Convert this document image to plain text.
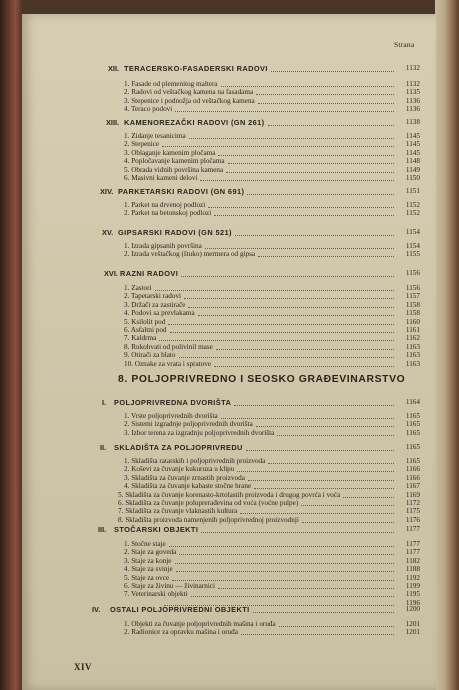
Strana
8. POLJOPRIVREDNO I SEOSKO GRAĐEVINARSTVO
XIV
XII. TERACERSKO-FASADERSKI RADOVI	1132
1. Fasade od plemenitog maltera	1132
2. Radovi od veštačkog kamena na fasadama	1135
3. Stepenice i podnožja od veštačkog kamena	1136
4. Teraco podovi	1136
XIII. KAMENOREZAČKI RADOVI (GN 261)	1138
1. Zidanje tesanicima	1145
2. Stepenice	1145
3. Oblaganje kamenim pločama	1145
4. Popločavanje kamenim pločama	1148
5. Obrada vidnih površina kamena	1149
6. Masivni kameni delovi	1150
XIV. PARKETARSKI RADOVI (GN 691)	1151
1. Parket na drvenoj podlozi	1152
2. Parket na betonskoj podlozi	1152
XV. GIPSARSKI RADOVI (GN 521)	1154
1. Izrada gipsanih površina	1154
2. Izrada veštačkog (štuko) mermera od gipsa	1155
XVI. RAZNI RADOVI	1156
1. Zastori	1156
2. Tapetarski radovi	1157
3. Držači za zastirače	1158
4. Podovi sa prevlakama	1158
5. Ksilolit pod	1160
6. Asfaltni pod	1161
7. Kaldrma	1162
8. Rukohvati od polivinil mase	1163
9. Otirači za blato	1163
10. Oznake za vrata i spratove	1163
I. POLJOPRIVREDNA DVORIŠTA	1164
1. Vrste poljoprivrednih dvorišta	1165
2. Sistemi izgradnje poljoprivrednih dvorišta	1165
3. Izbor terena za izgradnju poljoprivrednih dvorišta	1165
II. SKLADIŠTA ZA POLJOPRIVREDU	1165
1. Skladišta ratarskih i poljoprivrednih proizvoda	1165
2. Koševi za čuvanje kukuruza u klipu	1166
3. Skladišta za čuvanje zrnastih proizvoda	1166
4. Skladišta za čuvanje kabaste stočne hrane	1167
5. Skladišta za čuvanje korenasto-krtolastih proizvoda i drugog povrća i voća	1169
6. Skladišta za čuvanje poluprerađevina od voća (voćne pulpe)	1172
7. Skladišta za čuvanje vlaknastih kultura	1175
8. Skladišta proizvoda namenjenih poljoprivrednoj proizvodnji	1176
III. STOČARSKI OBJEKTI	1177
1. Stočne staje	1177
2. Staje za goveda	1177
3. Staje za konje	1182
4. Staje za svinje	1188
5. Staje za ovce	1192
6. Staje za živinu — živinarnici	1199
7. Veterinarski objekti	1195
1196
IV. OSTALI POLJOPRIVREDNI OBJEKTI	1200
1. Objekti za čuvanje poljoprivrednih mašina i oruđa	1201
2. Radionice za opravku mašina i oruđa	1201
